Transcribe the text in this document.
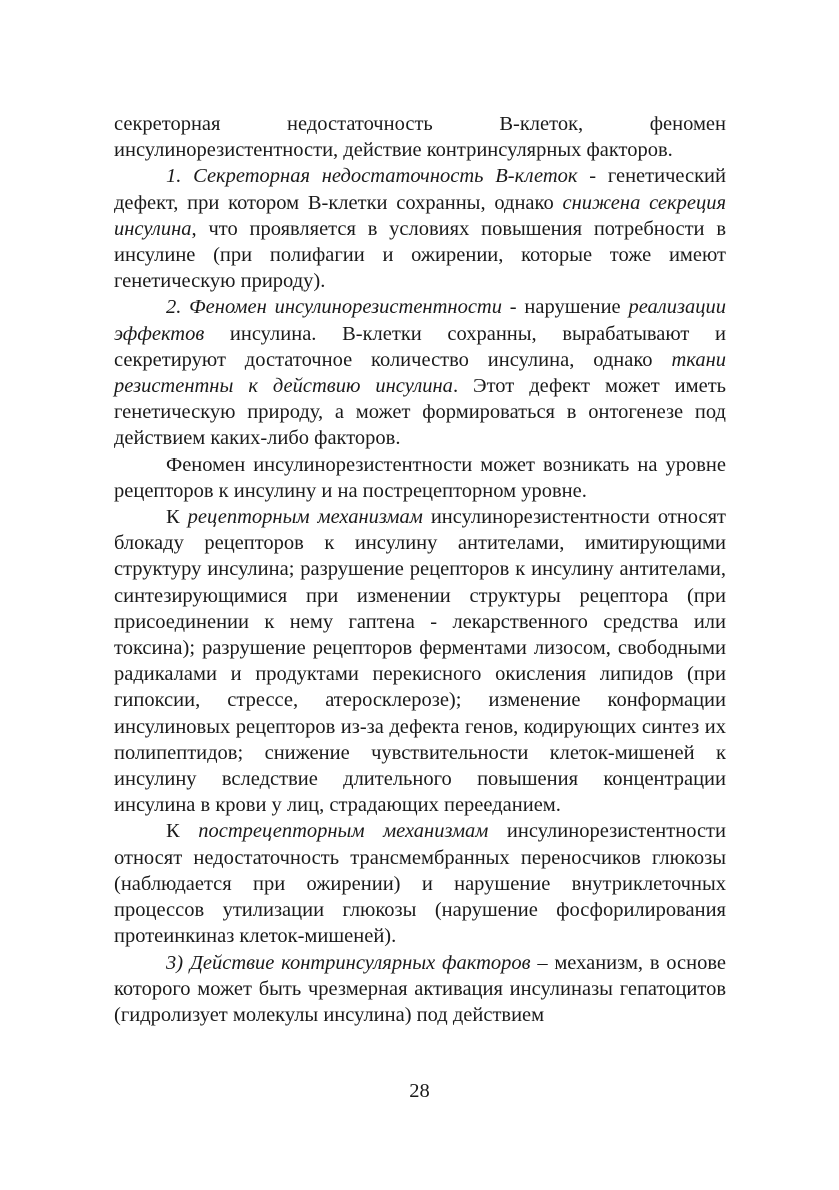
секреторная недостаточность В-клеток, феномен инсулинорезистентности, действие контринсулярных факторов.

1. Секреторная недостаточность В-клеток - генетический дефект, при котором В-клетки сохранны, однако снижена секреция инсулина, что проявляется в условиях повышения потребности в инсулине (при полифагии и ожирении, которые тоже имеют генетическую природу).

2. Феномен инсулинорезистентности - нарушение реализации эффектов инсулина. В-клетки сохранны, вырабатывают и секретируют достаточное количество инсулина, однако ткани резистентны к действию инсулина. Этот дефект может иметь генетическую природу, а может формироваться в онтогенезе под действием каких-либо факторов.

Феномен инсулинорезистентности может возникать на уровне рецепторов к инсулину и на пострецепторном уровне.

К рецепторным механизмам инсулинорезистентности относят блокаду рецепторов к инсулину антителами, имитирующими структуру инсулина; разрушение рецепторов к инсулину антителами, синтезирующимися при изменении структуры рецептора (при присоединении к нему гаптена - лекарственного средства или токсина); разрушение рецепторов ферментами лизосом, свободными радикалами и продуктами перекисного окисления липидов (при гипоксии, стрессе, атеросклерозе); изменение конформации инсулиновых рецепторов из-за дефекта генов, кодирующих синтез их полипептидов; снижение чувствительности клеток-мишеней к инсулину вследствие длительного повышения концентрации инсулина в крови у лиц, страдающих перееданием.

К пострецепторным механизмам инсулинорезистентности относят недостаточность трансмембранных переносчиков глюкозы (наблюдается при ожирении) и нарушение внутриклеточных процессов утилизации глюкозы (нарушение фосфорилирования протеинкиназ клеток-мишеней).

3) Действие контринсулярных факторов – механизм, в основе которого может быть чрезмерная активация инсулиназы гепатоцитов (гидролизует молекулы инсулина) под действием

28
